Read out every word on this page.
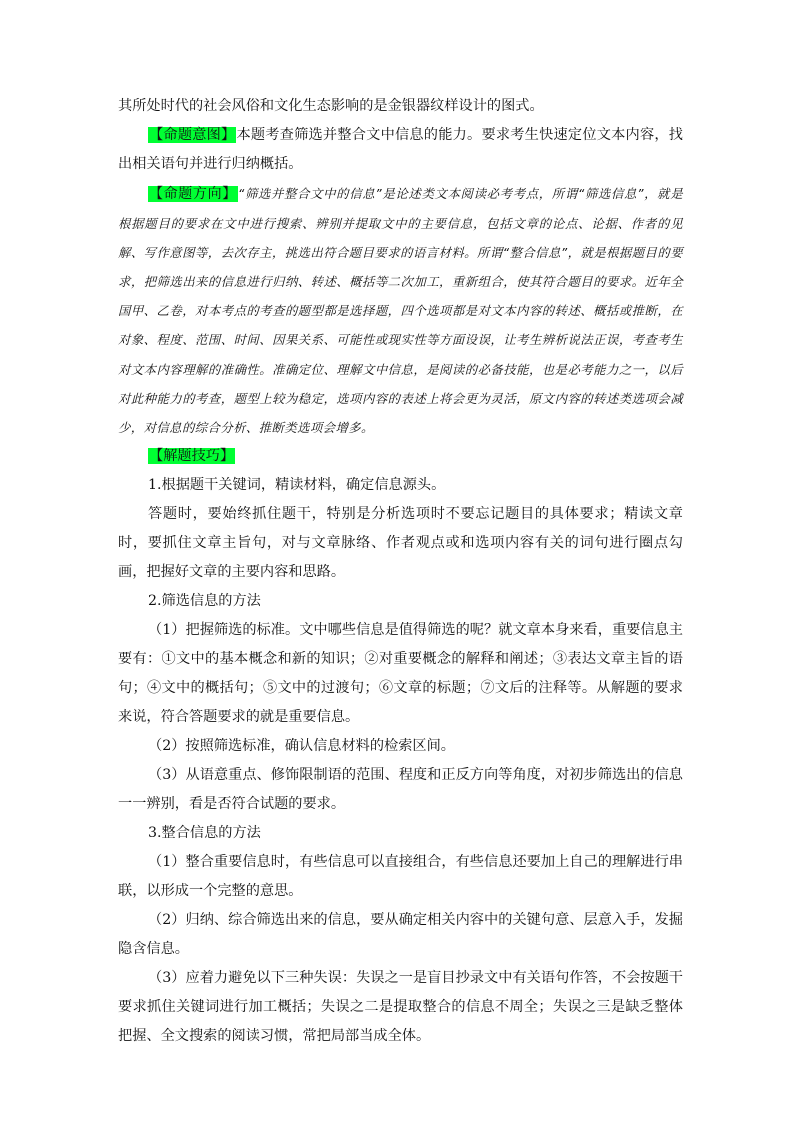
其所处时代的社会风俗和文化生态影响的是金银器纹样设计的图式。

【命题意图】本题考查筛选并整合文中信息的能力。要求考生快速定位文本内容，找出相关语句并进行归纳概括。

【命题方向】“筛选并整合文中的信息”是论述类文本阅读必考考点，所谓“筛选信息”，就是根据题目的要求在文中进行搜索、辨别并提取文中的主要信息，包括文章的论点、论据、作者的见解、写作意图等，去次存主，挑选出符合题目要求的语言材料。所谓“整合信息”，就是根据题目的要求，把筛选出来的信息进行归纳、转述、概括等二次加工，重新组合，使其符合题目的要求。近年全国甲、乙卷，对本考点的考查的题型都是选择题，四个选项都是对文本内容的转述、概括或推断，在对象、程度、范围、时间、因果关系、可能性或现实性等方面设误，让考生辨析说法正误，考查考生对文本内容理解的准确性。准确定位、理解文中信息，是阅读的必备技能，也是必考能力之一，以后对此种能力的考查，题型上较为稳定，选项内容的表述上将会更为灵活，原文内容的转述类选项会减少，对信息的综合分析、推断类选项会增多。

【解题技巧】

1.根据题干关键词，精读材料，确定信息源头。

答题时，要始终抓住题干，特别是分析选项时不要忘记题目的具体要求；精读文章时，要抓住文章主旨句，对与文章脉络、作者观点或和选项内容有关的词句进行圈点勾画，把握好文章的主要内容和思路。

2.筛选信息的方法

（1）把握筛选的标准。文中哪些信息是值得筛选的呢？就文章本身来看，重要信息主要有：①文中的基本概念和新的知识；②对重要概念的解释和阐述；③表达文章主旨的语句；④文中的概括句；⑤文中的过渡句；⑥文章的标题；⑦文后的注释等。从解题的要求来说，符合答题要求的就是重要信息。

（2）按照筛选标准，确认信息材料的检索区间。

（3）从语意重点、修饰限制语的范围、程度和正反方向等角度，对初步筛选出的信息一一辨别，看是否符合试题的要求。

3.整合信息的方法

（1）整合重要信息时，有些信息可以直接组合，有些信息还要加上自己的理解进行串联，以形成一个完整的意思。

（2）归纳、综合筛选出来的信息，要从确定相关内容中的关键句意、层意入手，发掘隐含信息。

（3）应着力避免以下三种失误：失误之一是盲目抄录文中有关语句作答，不会按题干要求抓住关键词进行加工概括；失误之二是提取整合的信息不周全；失误之三是缺乏整体把握、全文搜索的阅读习惯，常把局部当成全体。
